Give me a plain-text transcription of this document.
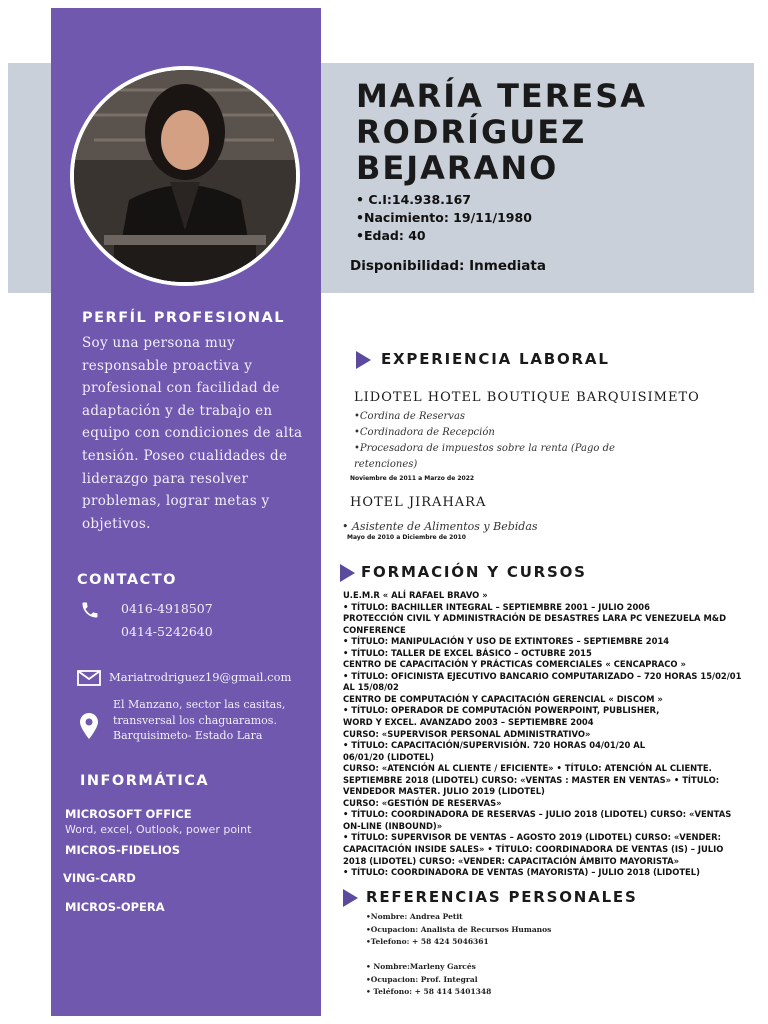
MARÍA TERESA
RODRÍGUEZ
BEJARANO
• C.I:14.938.167
•Nacimiento: 19/11/1980
•Edad: 40
Disponibilidad: Inmediata
PERFÍL PROFESIONAL
Soy una persona muy responsable proactiva y profesional con facilidad de adaptación y de trabajo en equipo con condiciones de alta tensión. Poseo cualidades de liderazgo para resolver problemas, lograr metas y objetivos.
CONTACTO
0416-4918507
0414-5242640
Mariatrodriguez19@gmail.com
El Manzano, sector las casitas, transversal los chaguaramos. Barquisimeto- Estado Lara
INFORMÁTICA
MICROSOFT OFFICE
Word, excel, Outlook, power point
MICROS-FIDELIOS
VING-CARD
MICROS-OPERA
EXPERIENCIA LABORAL
LIDOTEL HOTEL BOUTIQUE BARQUISIMETO
•Cordina de Reservas
•Cordinadora de Recepción
•Procesadora de impuestos sobre la renta (Pago de
retenciones)
Noviembre de 2011 a Marzo de 2022
HOTEL JIRAHARA
• Asistente de Alimentos y Bebidas
Mayo de 2010 a Diciembre de 2010
FORMACIÓN Y CURSOS
U.E.M.R « ALÍ RAFAEL BRAVO »
• TÍTULO: BACHILLER INTEGRAL – SEPTIEMBRE 2001 – JULIO 2006
PROTECCIÓN CIVIL Y ADMINISTRACIÓN DE DESASTRES LARA PC VENEZUELA M&D CONFERENCE
• TÍTULO: MANIPULACIÓN Y USO DE EXTINTORES – SEPTIEMBRE 2014
• TÍTULO: TALLER DE EXCEL BÁSICO – OCTUBRE 2015
CENTRO DE CAPACITACIÓN Y PRÁCTICAS COMERCIALES « CENCAPRACO »
• TÍTULO: OFICINISTA EJECUTIVO BANCARIO COMPUTARIZADO – 720 HORAS 15/02/01 AL 15/08/02
CENTRO DE COMPUTACIÓN Y CAPACITACIÓN GERENCIAL « DISCOM »
• TÍTULO: OPERADOR DE COMPUTACIÓN POWERPOINT, PUBLISHER,
WORD Y EXCEL. AVANZADO 2003 – SEPTIEMBRE 2004
CURSO: «SUPERVISOR PERSONAL ADMINISTRATIVO»
• TÍTULO: CAPACITACIÓN/SUPERVISIÓN. 720 HORAS 04/01/20 AL
06/01/20 (LIDOTEL)
CURSO: «ATENCIÓN AL CLIENTE / EFICIENTE» • TÍTULO: ATENCIÓN AL CLIENTE. SEPTIEMBRE 2018 (LIDOTEL) CURSO: «VENTAS : MASTER EN VENTAS» • TÍTULO: VENDEDOR MASTER. JULIO 2019 (LIDOTEL)
CURSO: «GESTIÓN DE RESERVAS»
• TÍTULO: COORDINADORA DE RESERVAS – JULIO 2018 (LIDOTEL) CURSO: «VENTAS ON-LINE (INBOUND)»
• TÍTULO: SUPERVISOR DE VENTAS – AGOSTO 2019 (LIDOTEL) CURSO: «VENDER: CAPACITACIÓN INSIDE SALES» • TÍTULO: COORDINADORA DE VENTAS (IS) – JULIO 2018 (LIDOTEL) CURSO: «VENDER: CAPACITACIÓN ÁMBITO MAYORISTA»
• TÍTULO: COORDINADORA DE VENTAS (MAYORISTA) – JULIO 2018 (LIDOTEL)
REFERENCIAS PERSONALES
•Nombre: Andrea Petit
•Ocupacion: Analista de Recursos Humanos
•Telefono: + 58 424 5046361
• Nombre:Marleny Garcés
•Ocupacion: Prof. Integral
• Teléfono: + 58 414 5401348
